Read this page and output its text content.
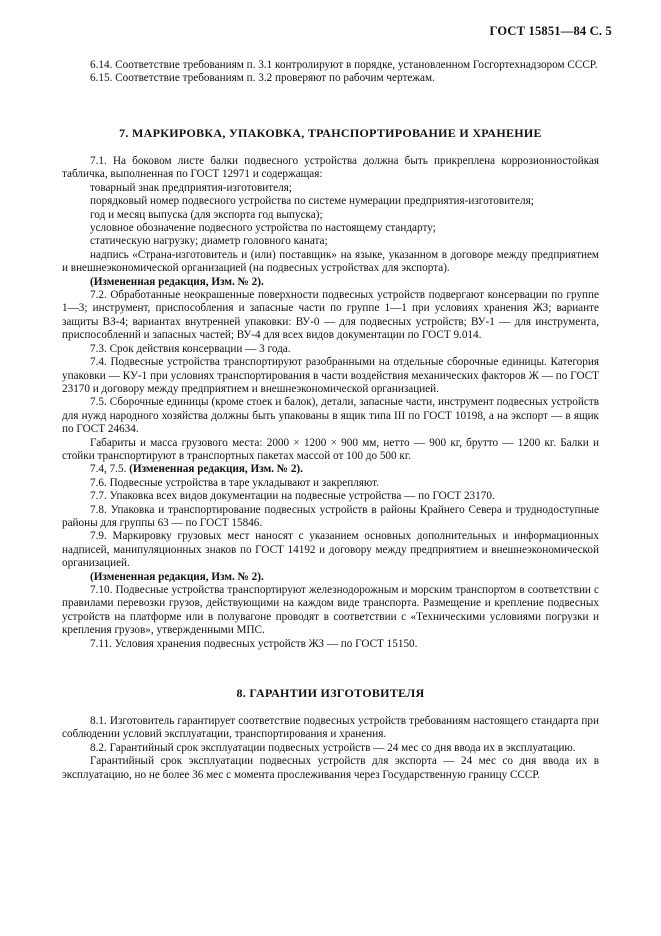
ГОСТ 15851—84 С. 5

6.14. Соответствие требованиям п. 3.1 контролируют в порядке, установленном Госгортехнадзором СССР.

6.15. Соответствие требованиям п. 3.2 проверяют по рабочим чертежам.

7. МАРКИРОВКА, УПАКОВКА, ТРАНСПОРТИРОВАНИЕ И ХРАНЕНИЕ

7.1. На боковом листе балки подвесного устройства должна быть прикреплена коррозионностойкая табличка, выполненная по ГОСТ 12971 и содержащая:

товарный знак предприятия-изготовителя;

порядковый номер подвесного устройства по системе нумерации предприятия-изготовителя;

год и месяц выпуска (для экспорта год выпуска);

условное обозначение подвесного устройства по настоящему стандарту;

статическую нагрузку; диаметр головного каната;

надпись «Страна-изготовитель и (или) поставщик» на языке, указанном в договоре между предприятием и внешнеэкономической организацией (на подвесных устройствах для экспорта).

(Измененная редакция, Изм. № 2).

7.2. Обработанные неокрашенные поверхности подвесных устройств подвергают консервации по группе 1—3; инструмент, приспособления и запасные части по группе 1—1 при условиях хранения ЖЗ; варианте защиты ВЗ-4; вариантах внутренней упаковки: ВУ-0 — для подвесных устройств; ВУ-1 — для инструмента, приспособлений и запасных частей; ВУ-4 для всех видов документации по ГОСТ 9.014.

7.3. Срок действия консервации — 3 года.

7.4. Подвесные устройства транспортируют разобранными на отдельные сборочные единицы. Категория упаковки — КУ-1 при условиях транспортирования в части воздействия механических факторов Ж — по ГОСТ 23170 и договору между предприятием и внешнеэкономической организацией.

7.5. Сборочные единицы (кроме стоек и балок), детали, запасные части, инструмент подвесных устройств для нужд народного хозяйства должны быть упакованы в ящик типа III по ГОСТ 10198, а на экспорт — в ящик по ГОСТ 24634.

Габариты и масса грузового места: 2000 × 1200 × 900 мм, нетто — 900 кг, брутто — 1200 кг. Балки и стойки транспортируют в транспортных пакетах массой от 100 до 500 кг.

7.4, 7.5. (Измененная редакция, Изм. № 2).

7.6. Подвесные устройства в таре укладывают и закрепляют.

7.7. Упаковка всех видов документации на подвесные устройства — по ГОСТ 23170.

7.8. Упаковка и транспортирование подвесных устройств в районы Крайнего Севера и труднодоступные районы для группы 63 — по ГОСТ 15846.

7.9. Маркировку грузовых мест наносят с указанием основных дополнительных и информационных надписей, манипуляционных знаков по ГОСТ 14192 и договору между предприятием и внешнеэкономической организацией.

(Измененная редакция, Изм. № 2).

7.10. Подвесные устройства транспортируют железнодорожным и морским транспортом в соответствии с правилами перевозки грузов, действующими на каждом виде транспорта. Размещение и крепление подвесных устройств на платформе или в полувагоне проводят в соответствии с «Техническими условиями погрузки и крепления грузов», утвержденными МПС.

7.11. Условия хранения подвесных устройств ЖЗ — по ГОСТ 15150.

8. ГАРАНТИИ ИЗГОТОВИТЕЛЯ

8.1. Изготовитель гарантирует соответствие подвесных устройств требованиям настоящего стандарта при соблюдении условий эксплуатации, транспортирования и хранения.

8.2. Гарантийный срок эксплуатации подвесных устройств — 24 мес со дня ввода их в эксплуатацию.

Гарантийный срок эксплуатации подвесных устройств для экспорта — 24 мес со дня ввода их в эксплуатацию, но не более 36 мес с момента прослеживания через Государственную границу СССР.
